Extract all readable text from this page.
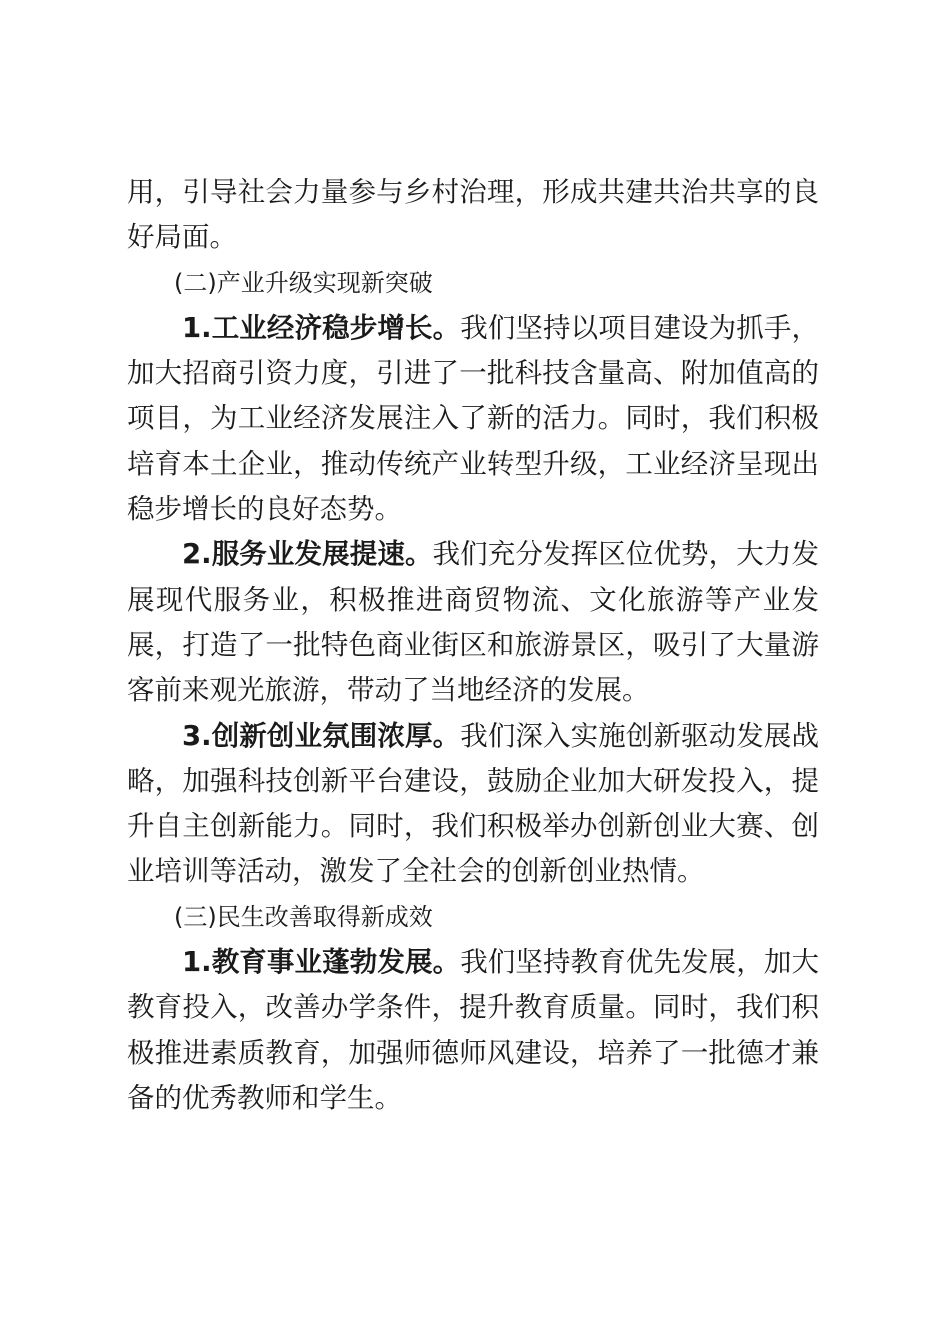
用，引导社会力量参与乡村治理，形成共建共治共享的良好局面。

(二)产业升级实现新突破

1.工业经济稳步增长。我们坚持以项目建设为抓手，加大招商引资力度，引进了一批科技含量高、附加值高的项目，为工业经济发展注入了新的活力。同时，我们积极培育本土企业，推动传统产业转型升级，工业经济呈现出稳步增长的良好态势。

2.服务业发展提速。我们充分发挥区位优势，大力发展现代服务业，积极推进商贸物流、文化旅游等产业发展，打造了一批特色商业街区和旅游景区，吸引了大量游客前来观光旅游，带动了当地经济的发展。

3.创新创业氛围浓厚。我们深入实施创新驱动发展战略，加强科技创新平台建设，鼓励企业加大研发投入，提升自主创新能力。同时，我们积极举办创新创业大赛、创业培训等活动，激发了全社会的创新创业热情。

(三)民生改善取得新成效

1.教育事业蓬勃发展。我们坚持教育优先发展，加大教育投入，改善办学条件，提升教育质量。同时，我们积极推进素质教育，加强师德师风建设，培养了一批德才兼备的优秀教师和学生。
